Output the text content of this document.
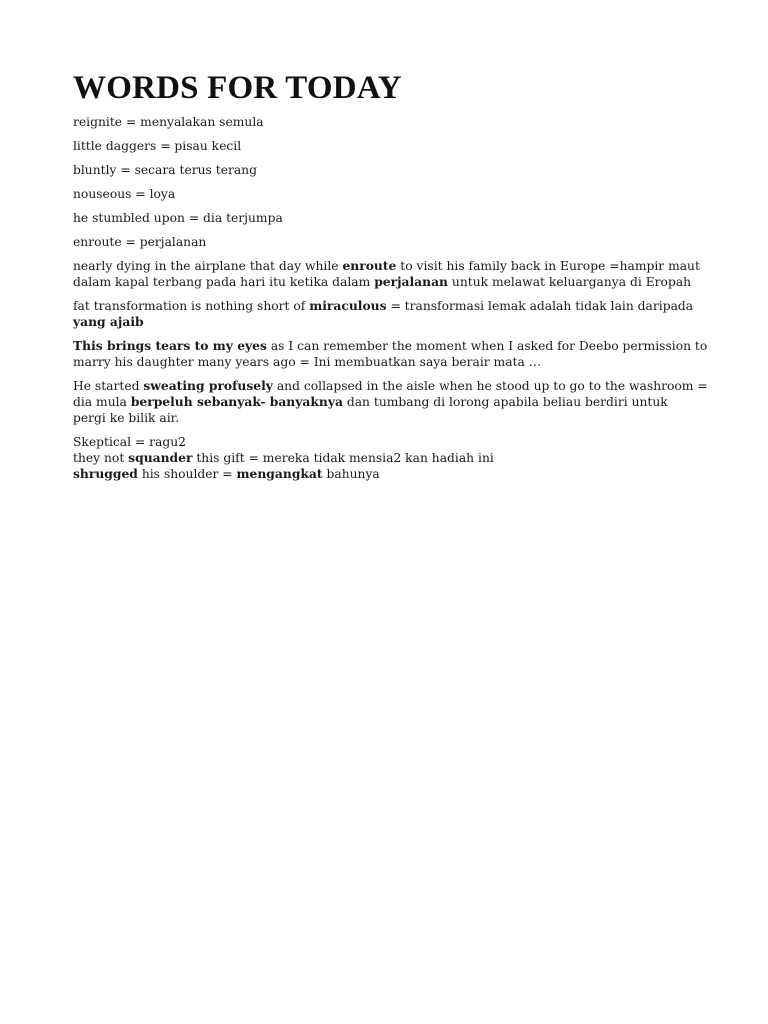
WORDS FOR TODAY
reignite = menyalakan semula
little daggers = pisau kecil
bluntly = secara terus terang
nouseous = loya
he stumbled upon = dia terjumpa
enroute = perjalanan
nearly dying in the airplane that day while enroute to visit his family back in Europe =hampir maut
dalam kapal terbang pada hari itu ketika dalam perjalanan untuk melawat keluarganya di Eropah
fat transformation is nothing short of miraculous = transformasi lemak adalah tidak lain daripada
yang ajaib
This brings tears to my eyes as I can remember the moment when I asked for Deebo permission to
marry his daughter many years ago = Ini membuatkan saya berair mata …
He started sweating profusely and collapsed in the aisle when he stood up to go to the washroom =
dia mula berpeluh sebanyak- banyaknya dan tumbang di lorong apabila beliau berdiri untuk
pergi ke bilik air.
Skeptical = ragu2
they not squander this gift = mereka tidak mensia2 kan hadiah ini
shrugged his shoulder = mengangkat bahunya
